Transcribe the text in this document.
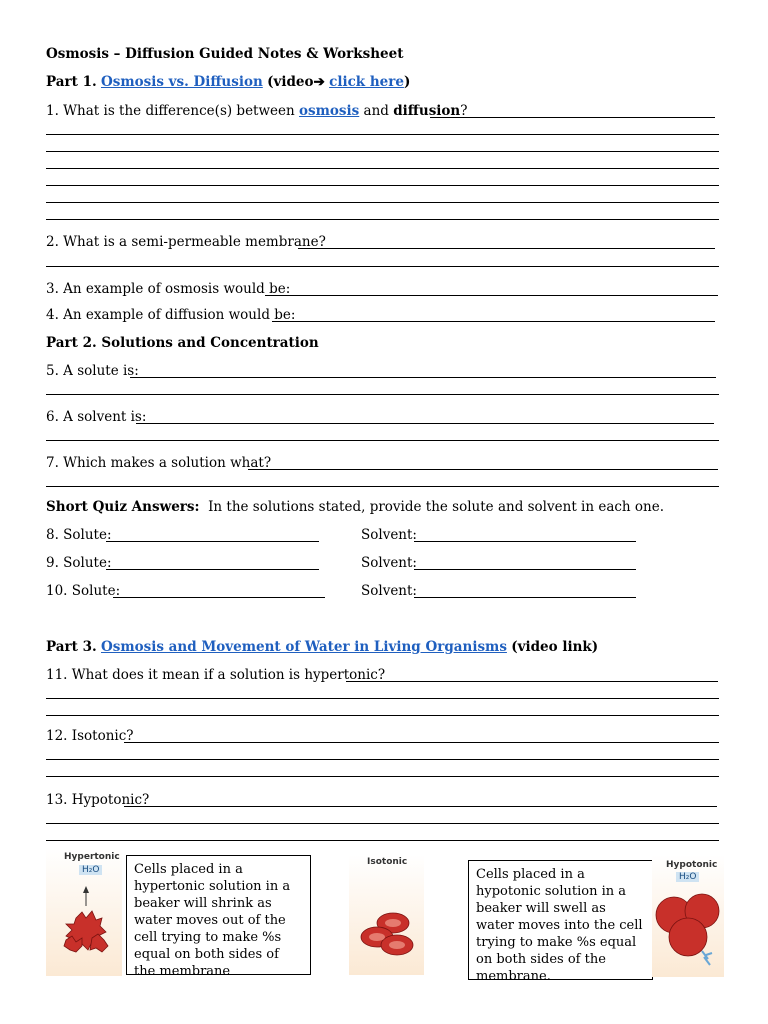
Osmosis – Diffusion Guided Notes & Worksheet
Part 1. Osmosis vs. Diffusion (video➔ click here)
1. What is the difference(s) between osmosis and diffusion?
2. What is a semi-permeable membrane?
3. An example of osmosis would be:
4. An example of diffusion would be:
Part 2. Solutions and Concentration
5. A solute is:
6. A solvent is:
7. Which makes a solution what?
Short Quiz Answers: In the solutions stated, provide the solute and solvent in each one.
8. Solute:	Solvent:
9. Solute:	Solvent:
10. Solute:	Solvent:
Part 3. Osmosis and Movement of Water in Living Organisms (video link)
11. What does it mean if a solution is hypertonic?
12. Isotonic?
13. Hypotonic?
Hypertonic
H₂O	Cells placed in a hypertonic solution in a beaker will shrink as water moves out of the cell trying to make %s equal on both sides of the membrane
Isotonic
Cells placed in a hypotonic solution in a beaker will swell as water moves into the cell trying to make %s equal on both sides of the membrane.
Hypotonic
H₂O
